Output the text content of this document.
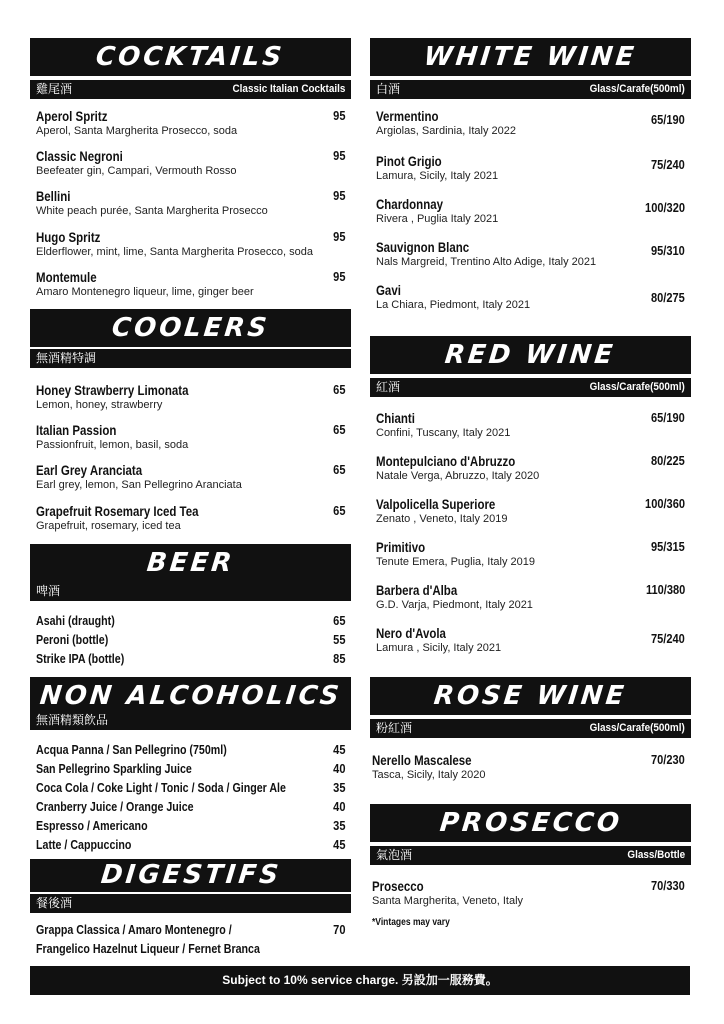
COCKTAILS
雞尾酒	Classic Italian Cocktails
Aperol Spritz
Aperol, Santa Margherita Prosecco, soda
95
Classic Negroni
Beefeater gin, Campari, Vermouth Rosso
95
Bellini
White peach purée, Santa Margherita Prosecco
95
Hugo Spritz
Elderflower, mint, lime, Santa Margherita Prosecco, soda
95
Montemule
Amaro Montenegro liqueur, lime, ginger beer
95
COOLERS
無酒精特調
Honey Strawberry Limonata
Lemon, honey, strawberry
65
Italian Passion
Passionfruit, lemon, basil, soda
65
Earl Grey Aranciata
Earl grey, lemon, San Pellegrino Aranciata
65
Grapefruit Rosemary Iced Tea
Grapefruit, rosemary, iced tea
65
BEER
啤酒
Asahi (draught)	65
Peroni (bottle)	55
Strike IPA (bottle)	85
NON ALCOHOLICS
無酒精類飲品
Acqua Panna / San Pellegrino (750ml)	45
San Pellegrino Sparkling Juice	40
Coca Cola / Coke Light / Tonic / Soda / Ginger Ale	35
Cranberry Juice / Orange Juice	40
Espresso / Americano	35
Latte / Cappuccino	45
DIGESTIFS
餐後酒
Grappa Classica / Amaro Montenegro /	70
Frangelico Hazelnut Liqueur / Fernet Branca
WHITE WINE
白酒	Glass/Carafe(500ml)
Vermentino
Argiolas, Sardinia, Italy 2022
65/190
Pinot Grigio
Lamura, Sicily, Italy 2021
75/240
Chardonnay
Rivera , Puglia Italy 2021
100/320
Sauvignon Blanc
Nals Margreid, Trentino Alto Adige, Italy 2021
95/310
Gavi
La Chiara, Piedmont, Italy 2021	80/275
RED WINE
紅酒	Glass/Carafe(500ml)
Chianti
Confini, Tuscany, Italy 2021
65/190
Montepulciano d'Abruzzo
Natale Verga, Abruzzo, Italy 2020
80/225
Valpolicella Superiore
Zenato , Veneto, Italy 2019
100/360
Primitivo
Tenute Emera, Puglia, Italy 2019
95/315
Barbera d'Alba
G.D. Varja, Piedmont, Italy 2021
110/380
Nero d'Avola
Lamura , Sicily, Italy 2021
75/240
ROSE WINE
粉紅酒	Glass/Carafe(500ml)
Nerello Mascalese
Tasca, Sicily, Italy 2020
70/230
PROSECCO
氣泡酒	Glass/Bottle
Prosecco
Santa Margherita, Veneto, Italy
70/330
*Vintages may vary
Subject to 10% service charge. 另設加一服務費。
